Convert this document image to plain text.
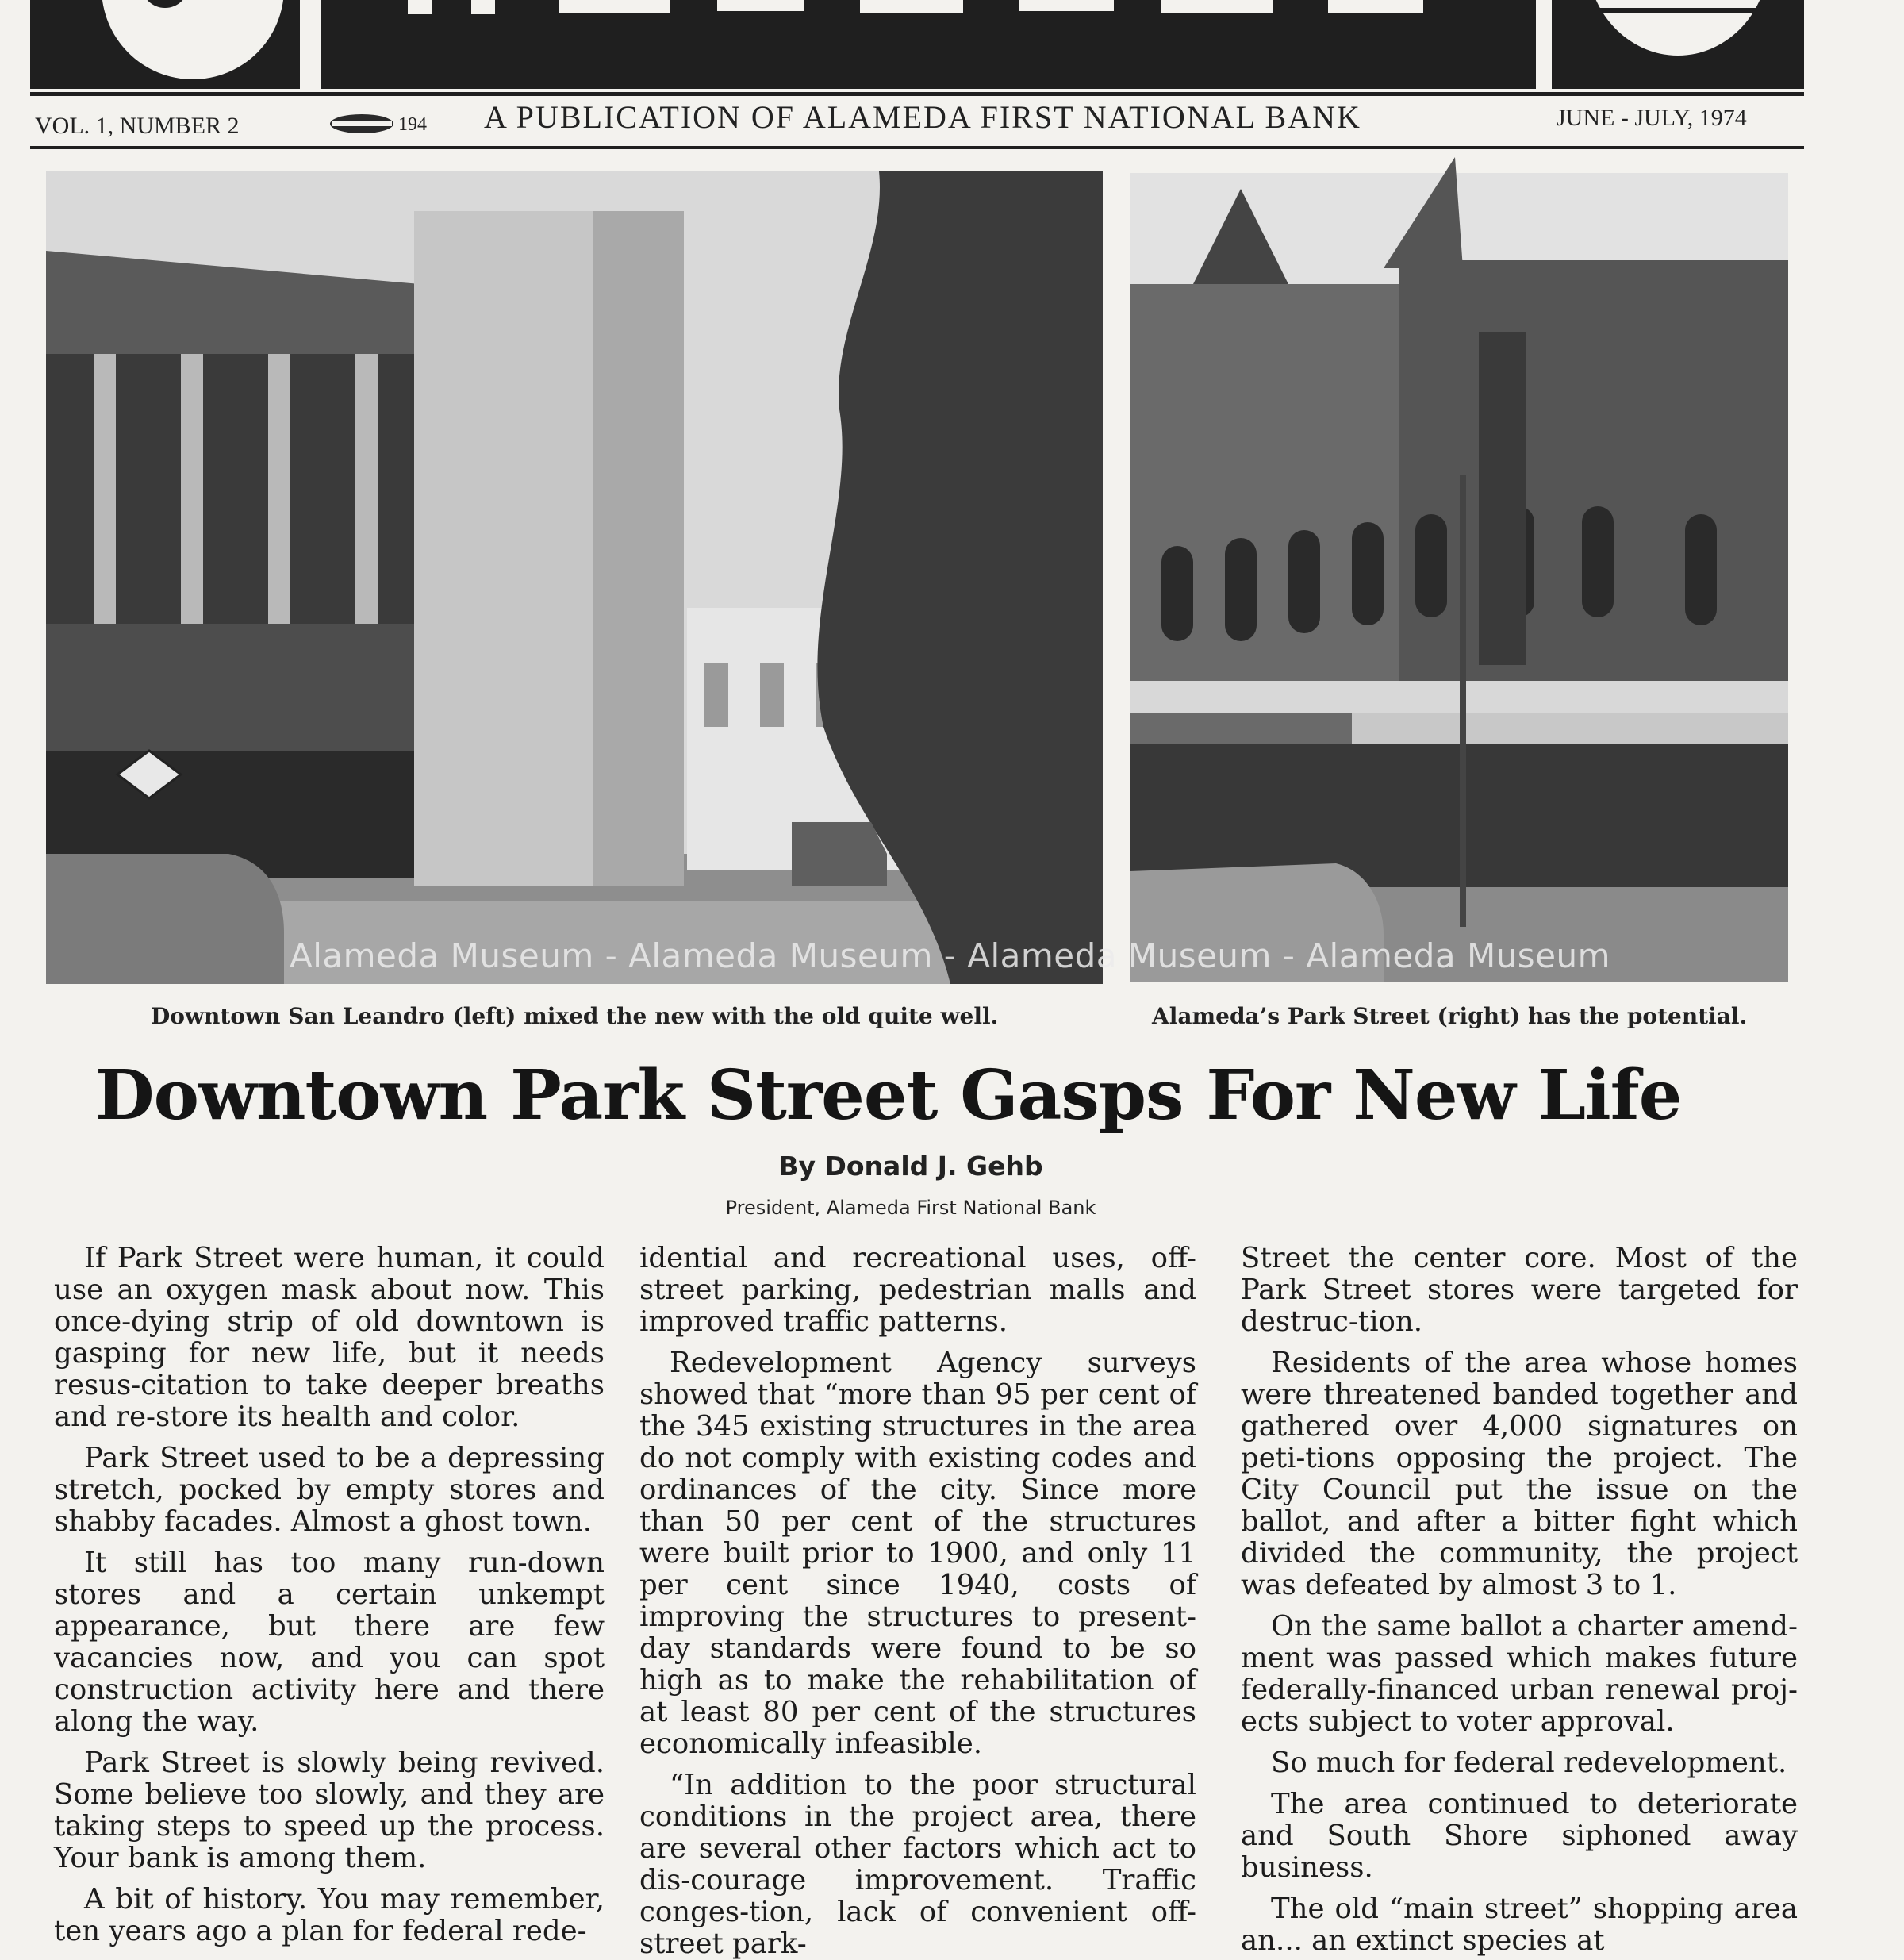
VOL. 1, NUMBER 2	194 A PUBLICATION OF ALAMEDA FIRST NATIONAL BANK	JUNE - JULY, 1974
Alameda Museum - Alameda Museum - Alameda Museum - Alameda Museum
Downtown San Leandro (left) mixed the new with the old quite well.	Alameda’s Park Street (right) has the potential.
Downtown Park Street Gasps For New Life
By Donald J. Gehb
President, Alameda First National Bank

If Park Street were human, it could use an oxygen mask about now. This once-dying strip of old downtown is gasping for new life, but it needs resus-citation to take deeper breaths and re-store its health and color.

Park Street used to be a depressing stretch, pocked by empty stores and shabby facades. Almost a ghost town.

It still has too many run-down stores and a certain unkempt appearance, but there are few vacancies now, and you can spot construction activity here and there along the way.

Park Street is slowly being revived. Some believe too slowly, and they are taking steps to speed up the process. Your bank is among them.

A bit of history. You may remember, ten years ago a plan for federal rede-

idential and recreational uses, off-street parking, pedestrian malls and improved traffic patterns.

Redevelopment Agency surveys showed that “more than 95 per cent of the 345 existing structures in the area do not comply with existing codes and ordinances of the city. Since more than 50 per cent of the structures were built prior to 1900, and only 11 per cent since 1940, costs of improving the structures to present-day standards were found to be so high as to make the rehabilitation of at least 80 per cent of the structures economically infeasible.

“In addition to the poor structural conditions in the project area, there are several other factors which act to dis-courage improvement. Traffic conges-tion, lack of convenient off-street park-

Street the center core. Most of the Park Street stores were targeted for destruc-tion.

Residents of the area whose homes were threatened banded together and gathered over 4,000 signatures on peti-tions opposing the project. The City Council put the issue on the ballot, and after a bitter fight which divided the community, the project was defeated by almost 3 to 1.

On the same ballot a charter amend-ment was passed which makes future federally-financed urban renewal proj-ects subject to voter approval.

So much for federal redevelopment.

The area continued to deteriorate and South Shore siphoned away business.

The old “main street” shopping area an... an extinct species at
